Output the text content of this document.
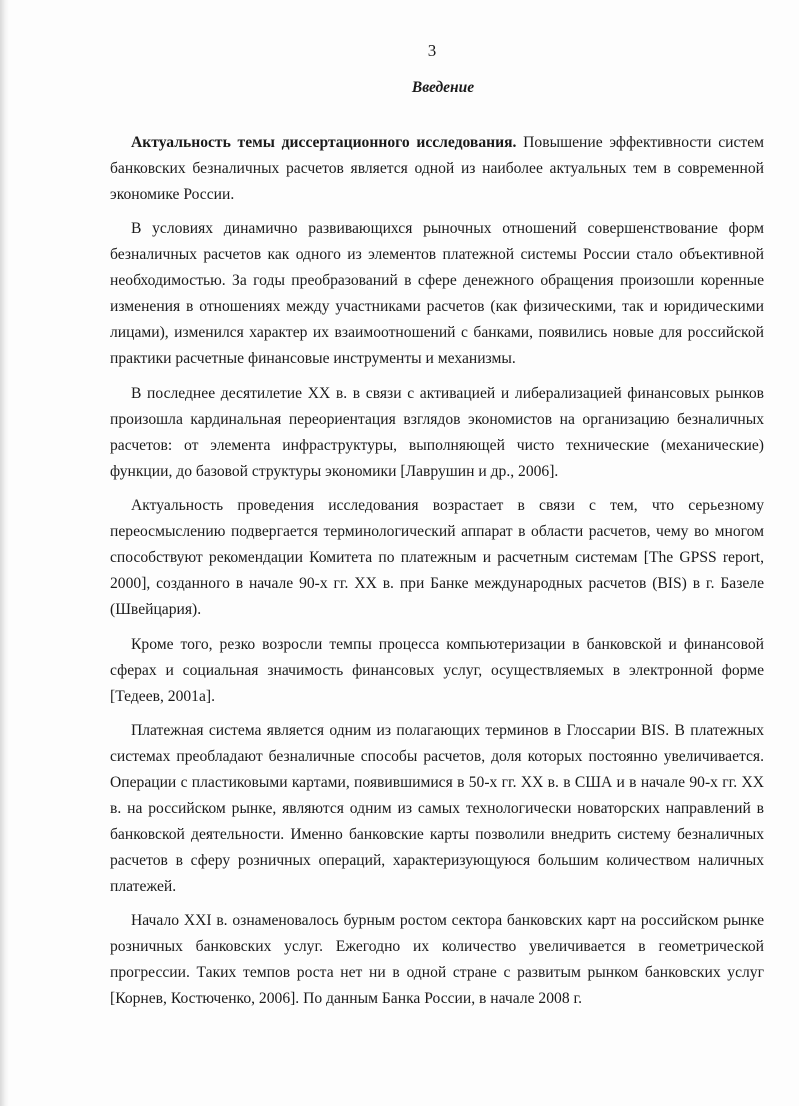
3
Введение

Актуальность темы диссертационного исследования. Повышение эффективности систем банковских безналичных расчетов является одной из наиболее актуальных тем в современной экономике России.

В условиях динамично развивающихся рыночных отношений совершенствование форм безналичных расчетов как одного из элементов платежной системы России стало объективной необходимостью. За годы преобразований в сфере денежного обращения произошли коренные изменения в отношениях между участниками расчетов (как физическими, так и юридическими лицами), изменился характер их взаимоотношений с банками, появились новые для российской практики расчетные финансовые инструменты и механизмы.

В последнее десятилетие XX в. в связи с активацией и либерализацией финансовых рынков произошла кардинальная переориентация взглядов экономистов на организацию безналичных расчетов: от элемента инфраструктуры, выполняющей чисто технические (механические) функции, до базовой структуры экономики [Лаврушин и др., 2006].

Актуальность проведения исследования возрастает в связи с тем, что серьезному переосмыслению подвергается терминологический аппарат в области расчетов, чему во многом способствуют рекомендации Комитета по платежным и расчетным системам [The GPSS report, 2000], созданного в начале 90-х гг. XX в. при Банке международных расчетов (BIS) в г. Базеле (Швейцария).

Кроме того, резко возросли темпы процесса компьютеризации в банковской и финансовой сферах и социальная значимость финансовых услуг, осуществляемых в электронной форме [Тедеев, 2001а].

Платежная система является одним из полагающих терминов в Глоссарии BIS. В платежных системах преобладают безналичные способы расчетов, доля которых постоянно увеличивается. Операции с пластиковыми картами, появившимися в 50-х гг. XX в. в США и в начале 90-х гг. XX в. на российском рынке, являются одним из самых технологически новаторских направлений в банковской деятельности. Именно банковские карты позволили внедрить систему безналичных расчетов в сферу розничных операций, характеризующуюся большим количеством наличных платежей.

Начало XXI в. ознаменовалось бурным ростом сектора банковских карт на российском рынке розничных банковских услуг. Ежегодно их количество увеличивается в геометрической прогрессии. Таких темпов роста нет ни в одной стране с развитым рынком банковских услуг [Корнев, Костюченко, 2006]. По данным Банка России, в начале 2008 г.
